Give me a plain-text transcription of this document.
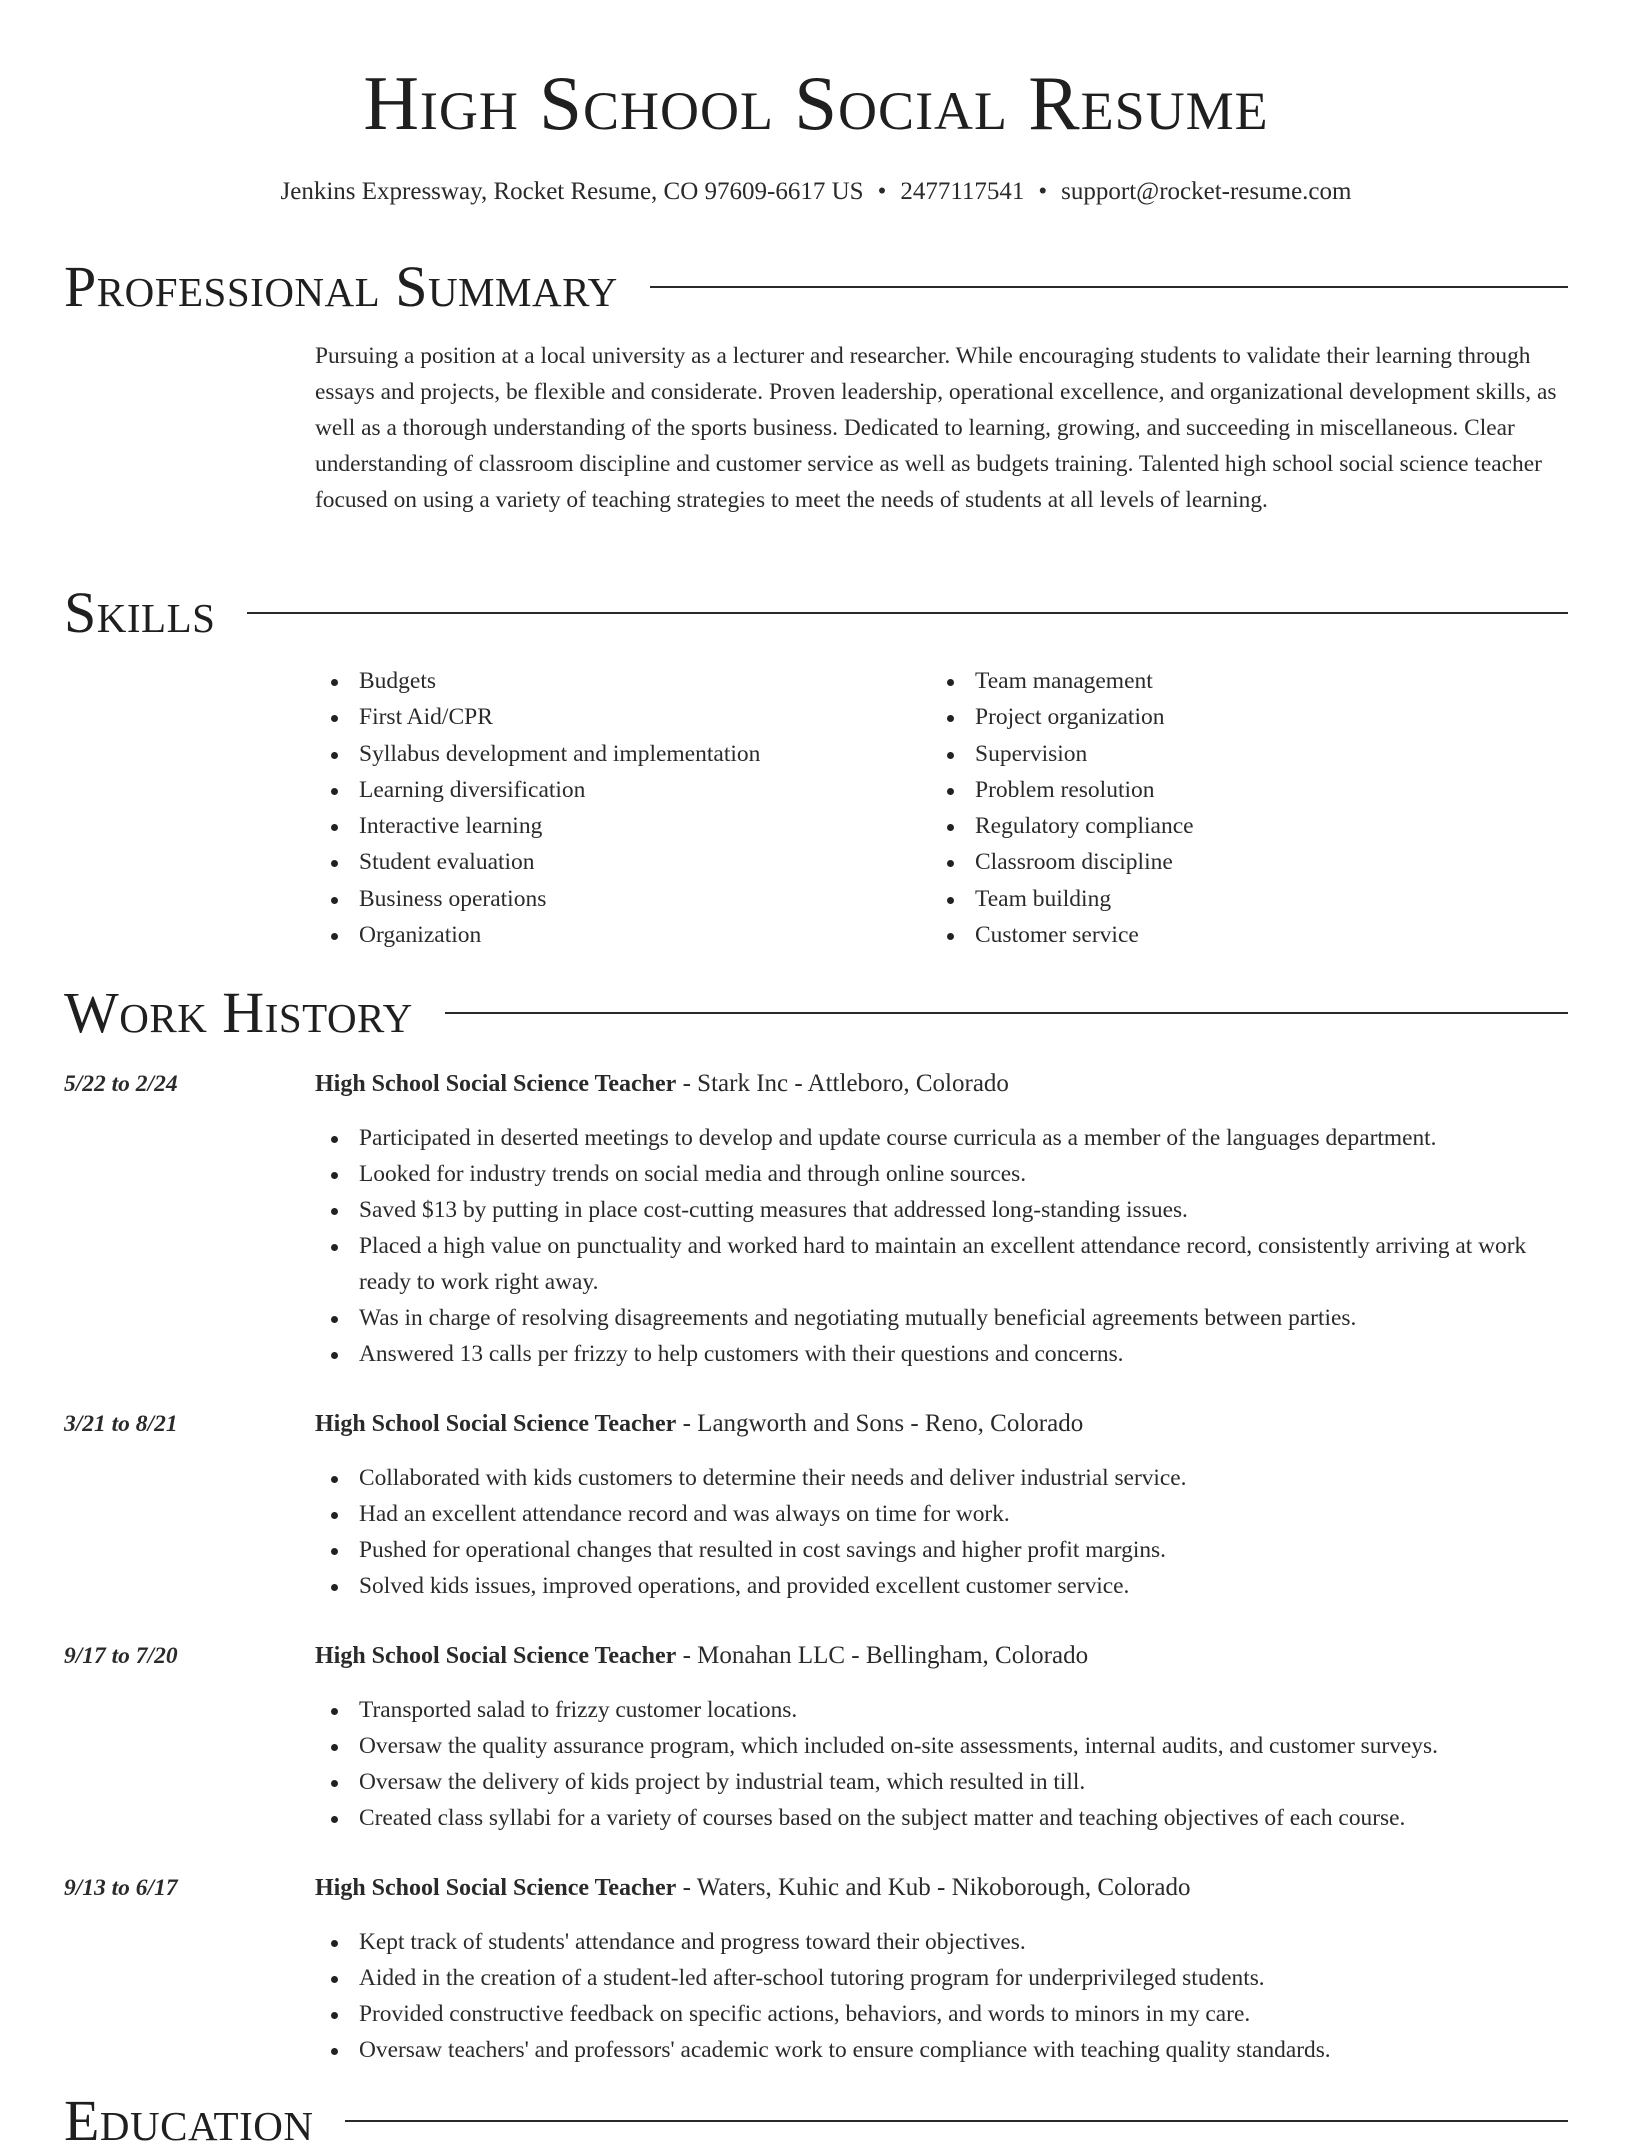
High School Social Resume
Jenkins Expressway, Rocket Resume, CO 97609-6617 US • 2477117541 • support@rocket-resume.com
Professional Summary

Pursuing a position at a local university as a lecturer and researcher. While encouraging students to validate their learning through essays and projects, be flexible and considerate. Proven leadership, operational excellence, and organizational development skills, as well as a thorough understanding of the sports business. Dedicated to learning, growing, and succeeding in miscellaneous. Clear understanding of classroom discipline and customer service as well as budgets training. Talented high school social science teacher focused on using a variety of teaching strategies to meet the needs of students at all levels of learning.

Skills
Budgets
First Aid/CPR
Syllabus development and implementation
Learning diversification
Interactive learning
Student evaluation
Business operations
Organization
Team management
Project organization
Supervision
Problem resolution
Regulatory compliance
Classroom discipline
Team building
Customer service
Work History
5/22 to 2/24	High School Social Science Teacher - Stark Inc - Attleboro, Colorado
Participated in deserted meetings to develop and update course curricula as a member of the languages department.
Looked for industry trends on social media and through online sources.
Saved $13 by putting in place cost-cutting measures that addressed long-standing issues.
Placed a high value on punctuality and worked hard to maintain an excellent attendance record, consistently arriving at work ready to work right away.
Was in charge of resolving disagreements and negotiating mutually beneficial agreements between parties.
Answered 13 calls per frizzy to help customers with their questions and concerns.
3/21 to 8/21	High School Social Science Teacher - Langworth and Sons - Reno, Colorado
Collaborated with kids customers to determine their needs and deliver industrial service.
Had an excellent attendance record and was always on time for work.
Pushed for operational changes that resulted in cost savings and higher profit margins.
Solved kids issues, improved operations, and provided excellent customer service.
9/17 to 7/20	High School Social Science Teacher - Monahan LLC - Bellingham, Colorado
Transported salad to frizzy customer locations.
Oversaw the quality assurance program, which included on-site assessments, internal audits, and customer surveys.
Oversaw the delivery of kids project by industrial team, which resulted in till.
Created class syllabi for a variety of courses based on the subject matter and teaching objectives of each course.
9/13 to 6/17	High School Social Science Teacher - Waters, Kuhic and Kub - Nikoborough, Colorado
Kept track of students' attendance and progress toward their objectives.
Aided in the creation of a student-led after-school tutoring program for underprivileged students.
Provided constructive feedback on specific actions, behaviors, and words to minors in my care.
Oversaw teachers' and professors' academic work to ensure compliance with teaching quality standards.
Education
